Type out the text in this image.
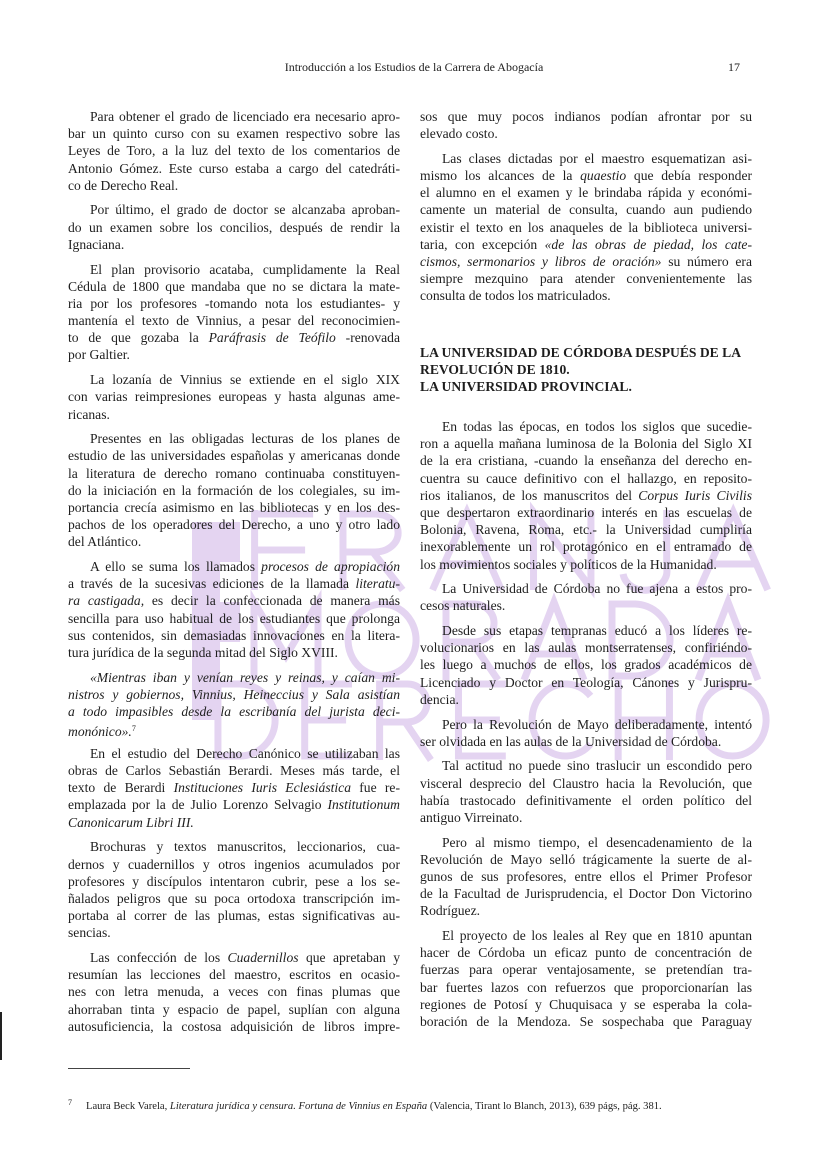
Introducción a los Estudios de la Carrera de Abogacía	17
Para obtener el grado de licenciado era necesario apro-
bar un quinto curso con su examen respectivo sobre las
Leyes de Toro, a la luz del texto de los comentarios de
Antonio Gómez. Este curso estaba a cargo del catedráti-
co de Derecho Real.
Por último, el grado de doctor se alcanzaba aproban-
do un examen sobre los concilios, después de rendir la
Ignaciana.
El plan provisorio acataba, cumplidamente la Real
Cédula de 1800 que mandaba que no se dictara la mate-
ria por los profesores -tomando nota los estudiantes- y
mantenía el texto de Vinnius, a pesar del reconocimien-
to de que gozaba la Paráfrasis de Teófilo -renovada
por Galtier.
La lozanía de Vinnius se extiende en el siglo XIX
con varias reimpresiones europeas y hasta algunas ame-
ricanas.
Presentes en las obligadas lecturas de los planes de
estudio de las universidades españolas y americanas donde
la literatura de derecho romano continuaba constituyen-
do la iniciación en la formación de los colegiales, su im-
portancia crecía asimismo en las bibliotecas y en los des-
pachos de los operadores del Derecho, a uno y otro lado
del Atlántico.
A ello se suma los llamados procesos de apropiación
a través de la sucesivas ediciones de la llamada literatu-
ra castigada, es decir la confeccionada de manera más
sencilla para uso habitual de los estudiantes que prolonga
sus contenidos, sin demasiadas innovaciones en la litera-
tura jurídica de la segunda mitad del Siglo XVIII.
«Mientras iban y venían reyes y reinas, y caían mi-
nistros y gobiernos, Vinnius, Heineccius y Sala asistían
a todo impasibles desde la escribanía del jurista deci-
monónico».$^7$
En el estudio del Derecho Canónico se utilizaban las
obras de Carlos Sebastián Berardi. Meses más tarde, el
texto de Berardi Instituciones Iuris Eclesiástica fue re-
emplazada por la de Julio Lorenzo Selvagio Institutionum
Canonicarum Libri III.
Brochuras y textos manuscritos, leccionarios, cua-
dernos y cuadernillos y otros ingenios acumulados por
profesores y discípulos intentaron cubrir, pese a los se-
ñalados peligros que su poca ortodoxa transcripción im-
portaba al correr de las plumas, estas significativas au-
sencias.
Las confección de los Cuadernillos que apretaban y
resumían las lecciones del maestro, escritos en ocasio-
nes con letra menuda, a veces con finas plumas que
ahorraban tinta y espacio de papel, suplían con alguna
autosuficiencia, la costosa adquisición de libros impre-
sos que muy pocos indianos podían afrontar por su
elevado costo.
Las clases dictadas por el maestro esquematizan asi-
mismo los alcances de la quaestio que debía responder
el alumno en el examen y le brindaba rápida y económi-
camente un material de consulta, cuando aun pudiendo
existir el texto en los anaqueles de la biblioteca universi-
taria, con excepción «de las obras de piedad, los cate-
cismos, sermonarios y libros de oración» su número era
siempre mezquino para atender convenientemente las
consulta de todos los matriculados.
LA UNIVERSIDAD DE CÓRDOBA DESPUÉS DE LA
REVOLUCIÓN DE 1810.
LA UNIVERSIDAD PROVINCIAL.
En todas las épocas, en todos los siglos que sucedie-
ron a aquella mañana luminosa de la Bolonia del Siglo XI
de la era cristiana, -cuando la enseñanza del derecho en-
cuentra su cauce definitivo con el hallazgo, en reposito-
rios italianos, de los manuscritos del Corpus Iuris Civilis
que despertaron extraordinario interés en las escuelas de
Bolonia, Ravena, Roma, etc.- la Universidad cumpliría
inexorablemente un rol protagónico en el entramado de
los movimientos sociales y políticos de la Humanidad.
La Universidad de Córdoba no fue ajena a estos pro-
cesos naturales.
Desde sus etapas tempranas educó a los líderes re-
volucionarios en las aulas montserratenses, confiriéndo-
les luego a muchos de ellos, los grados académicos de
Licenciado y Doctor en Teología, Cánones y Jurispru-
dencia.
Pero la Revolución de Mayo deliberadamente, intentó
ser olvidada en las aulas de la Universidad de Córdoba.
Tal actitud no puede sino traslucir un escondido pero
visceral desprecio del Claustro hacia la Revolución, que
había trastocado definitivamente el orden político del
antiguo Virreinato.
Pero al mismo tiempo, el desencadenamiento de la
Revolución de Mayo selló trágicamente la suerte de al-
gunos de sus profesores, entre ellos el Primer Profesor
de la Facultad de Jurisprudencia, el Doctor Don Victorino
Rodríguez.
El proyecto de los leales al Rey que en 1810 apuntan
hacer de Córdoba un eficaz punto de concentración de
fuerzas para operar ventajosamente, se pretendían tra-
bar fuertes lazos con refuerzos que proporcionarían las
regiones de Potosí y Chuquisaca y se esperaba la cola-
boración de la Mendoza. Se sospechaba que Paraguay
$^7$ Laura Beck Varela, Literatura jurídica y censura. Fortuna de Vinnius en España (Valencia, Tirant lo Blanch, 2013), 639 págs, pág. 381.
